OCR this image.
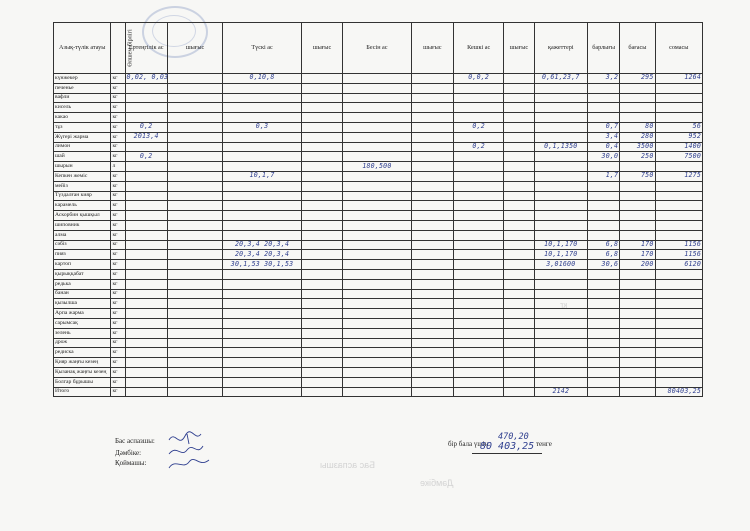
Бас аспазшы
Дәмбіке
кг
Азық-түлік атауы	Өлшем бірлігі	Ертеңгілік ас	шығыс	Түскі ас	шығыс	Бесін ас	шығыс	Кешкі ас	шығыс	қажеттері	барлығы	бағасы	сомасы
күнжекер	кг	0,02, 0,03		0,10,8				0,0,2		0,61,23,7	3,2	295	1264
печенье	кг												
вафли	кг												
кисель	кг												
какао	кг												
тұз	кг	0,2		0,3				0,2			0,7	80	56
Жүгері жарма	кг	2013,4									3,4	280	952
лимон	кг							0,2		0,1,1350	0,4	3500	1400
шай	кг	0,2									30,0	250	7500
шырын	л					180,500							
Кепкен жеміс	кг			10,1,7							1,7	750	1275
мейіз	кг												
Түздалған кияр	кг												
карамель	кг												
Аскорбин қышқыл	кг												
шиповник	кг												
алма	кг												
сәбіз	кг			20,3,4 20,3,4						10,1,170	6,8	170	1156
пияз	кг			20,3,4 20,3,4						10,1,170	6,8	170	1156
картоп	кг			30,1,53 30,1,53						3,01600	30,6	200	6120
қырыққабат	кг												
редька	кг												
банан	кг												
қызылша	кг												
Арпа жарма	кг												
сарымсақ	кг												
зелень	кг												
дрож	кг												
редиска	кг												
Қияр жаңғы кезең	кг												
Қызанақ жаңғы кезең	кг												
Болгар бұрышы	кг												
Итого	кг									2142			80403,25
Бас аспазшы:
Дәмбіке:
Қоймашы:
бір бала үшін
470,20
тенге
80 403,25
